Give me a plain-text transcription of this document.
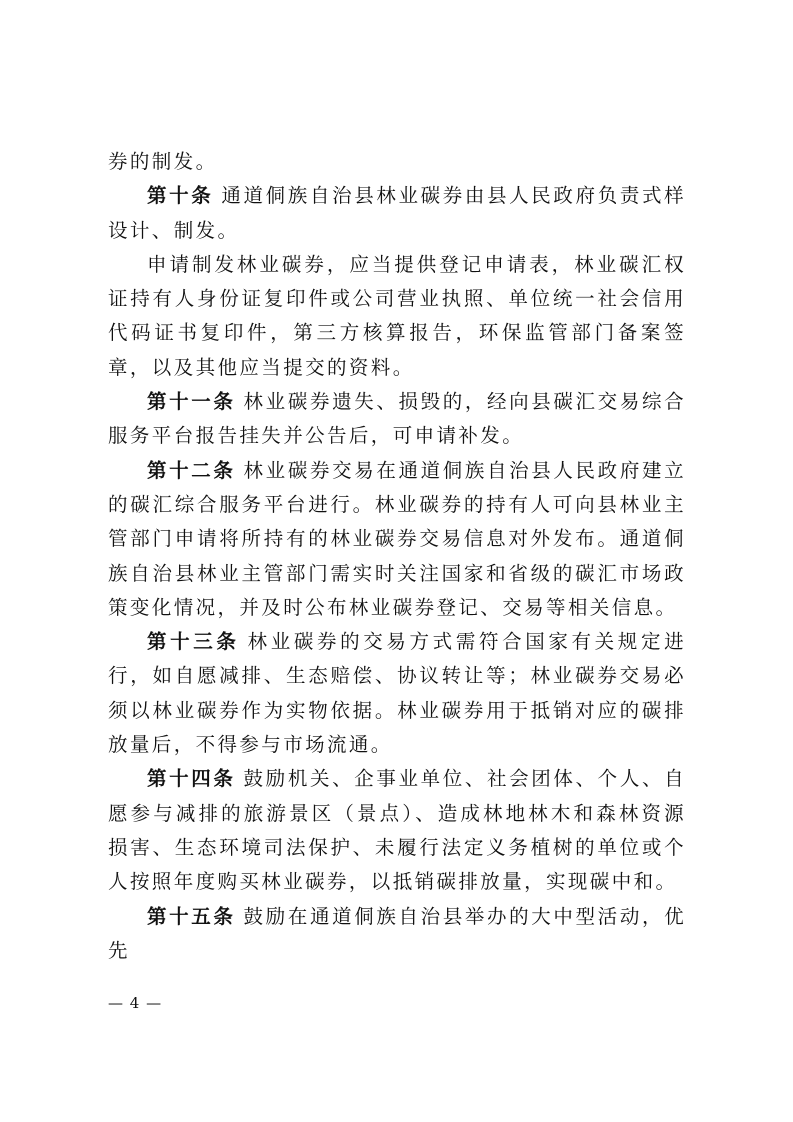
券的制发。

第十条 通道侗族自治县林业碳券由县人民政府负责式样设计、制发。

申请制发林业碳券，应当提供登记申请表，林业碳汇权证持有人身份证复印件或公司营业执照、单位统一社会信用代码证书复印件，第三方核算报告，环保监管部门备案签章，以及其他应当提交的资料。

第十一条 林业碳券遗失、损毁的，经向县碳汇交易综合服务平台报告挂失并公告后，可申请补发。

第十二条 林业碳券交易在通道侗族自治县人民政府建立的碳汇综合服务平台进行。林业碳券的持有人可向县林业主管部门申请将所持有的林业碳券交易信息对外发布。通道侗族自治县林业主管部门需实时关注国家和省级的碳汇市场政策变化情况，并及时公布林业碳券登记、交易等相关信息。

第十三条 林业碳券的交易方式需符合国家有关规定进行，如自愿减排、生态赔偿、协议转让等；林业碳券交易必须以林业碳券作为实物依据。林业碳券用于抵销对应的碳排放量后，不得参与市场流通。

第十四条 鼓励机关、企事业单位、社会团体、个人、自愿参与减排的旅游景区（景点）、造成林地林木和森林资源损害、生态环境司法保护、未履行法定义务植树的单位或个人按照年度购买林业碳券，以抵销碳排放量，实现碳中和。

第十五条 鼓励在通道侗族自治县举办的大中型活动，优先

— 4 —
